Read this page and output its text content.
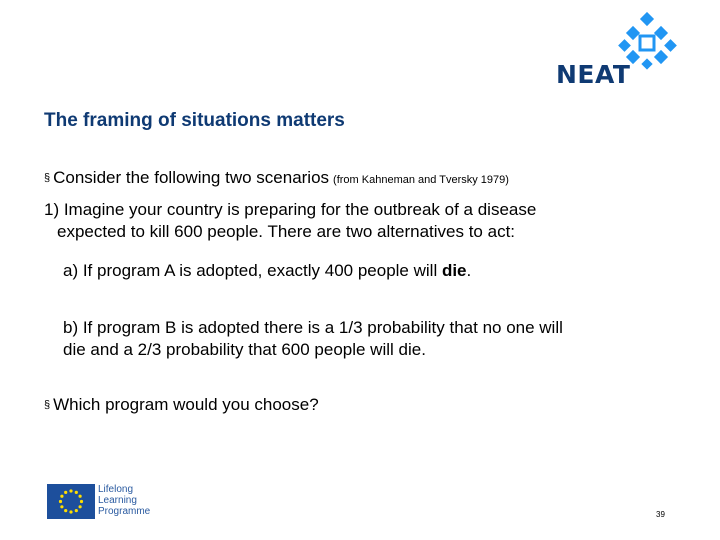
NEAT
The framing of situations matters
§ Consider the following two scenarios (from Kahneman and Tversky 1979)
1) Imagine your country is preparing for the outbreak of a disease
expected to kill 600 people. There are two alternatives to act:
a) If program A is adopted, exactly 400 people will die.
b) If program B is adopted there is a 1/3 probability that no one will
die and a 2/3 probability that 600 people will die.
§ Which program would you choose?
Lifelong
Learning
Programme	39
